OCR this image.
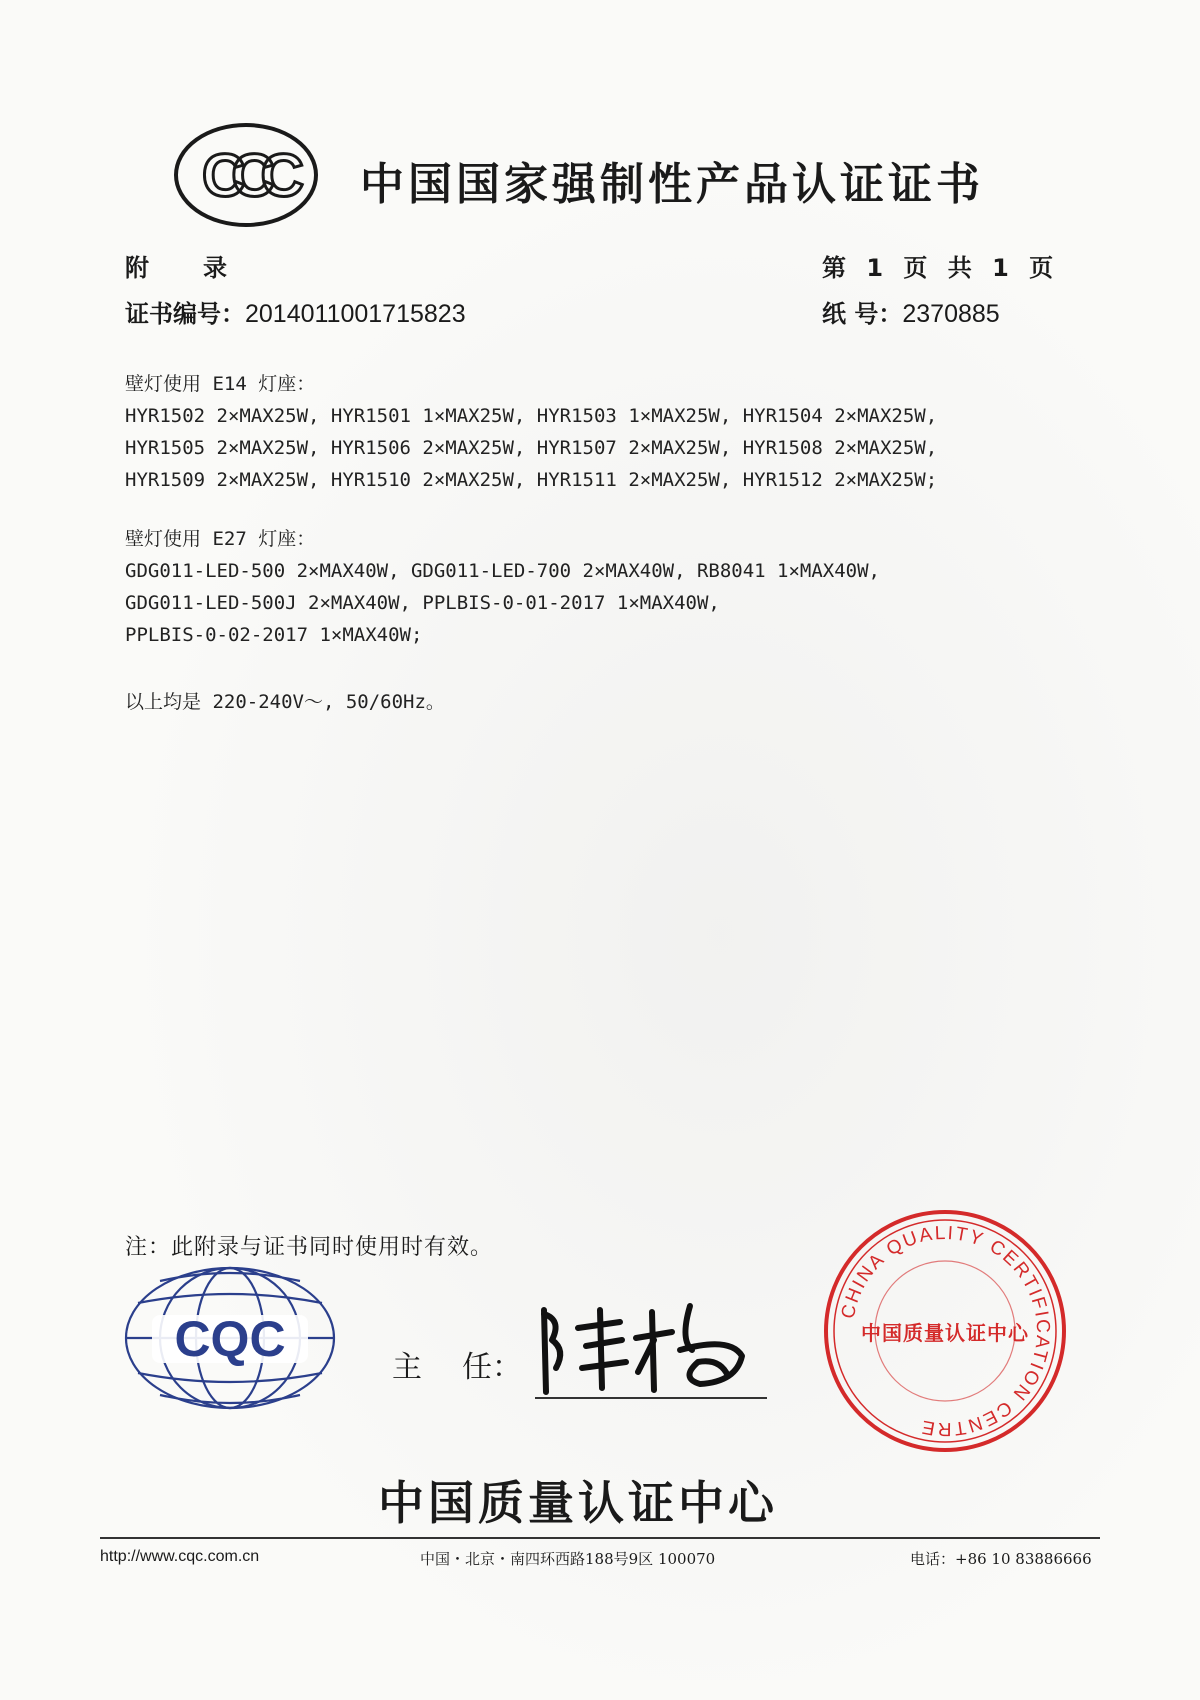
CCC 中国国家强制性产品认证证书
附 录	第 1 页 共 1 页
证书编号：2014011001715823	纸 号：2370885
壁灯使用 E14 灯座：
HYR1502 2×MAX25W, HYR1501 1×MAX25W, HYR1503 1×MAX25W, HYR1504 2×MAX25W,
HYR1505 2×MAX25W, HYR1506 2×MAX25W, HYR1507 2×MAX25W, HYR1508 2×MAX25W,
HYR1509 2×MAX25W, HYR1510 2×MAX25W, HYR1511 2×MAX25W, HYR1512 2×MAX25W;
壁灯使用 E27 灯座：
GDG011-LED-500 2×MAX40W, GDG011-LED-700 2×MAX40W, RB8041 1×MAX40W,
GDG011-LED-500J 2×MAX40W, PPLBIS-0-01-2017 1×MAX40W,
PPLBIS-0-02-2017 1×MAX40W;
以上均是 220-240V～, 50/60Hz。
注：此附录与证书同时使用时有效。
CQC
主 任：
CHINA QUALITY CERTIFICATION CENTRE
中国质量认证中心
中国质量认证中心
http://www.cqc.com.cn	中国・北京・南四环西路188号9区 100070	电话：+86 10 83886666
